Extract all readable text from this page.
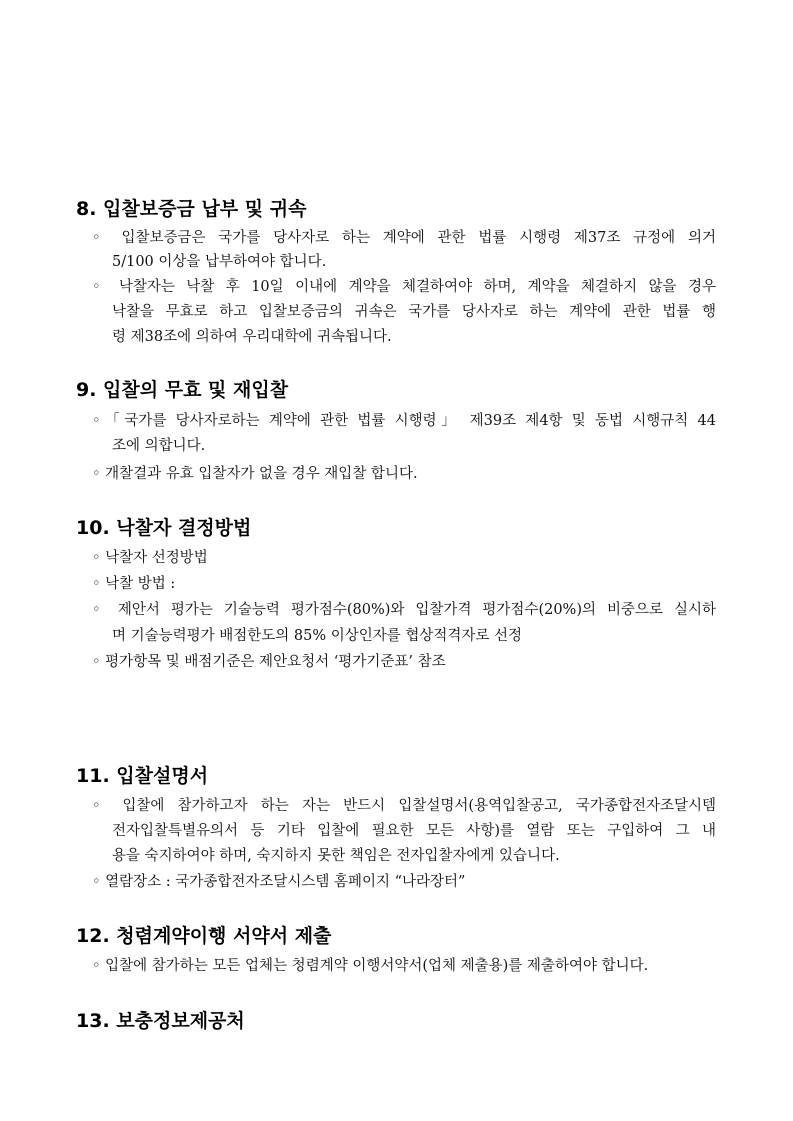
8. 입찰보증금 납부 및 귀속
◦ 입찰보증금은 국가를 당사자로 하는 계약에 관한 법률 시행령 제37조 규정에 의거
5/100 이상을 납부하여야 합니다.
◦ 낙찰자는 낙찰 후 10일 이내에 계약을 체결하여야 하며, 계약을 체결하지 않을 경우
낙찰을 무효로 하고 입찰보증금의 귀속은 국가를 당사자로 하는 계약에 관한 법률 행
령 제38조에 의하여 우리대학에 귀속됩니다.
9. 입찰의 무효 및 재입찰
◦「국가를 당사자로하는 계약에 관한 법률 시행령」 제39조 제4항 및 동법 시행규칙 44
조에 의합니다.
◦ 개찰결과 유효 입찰자가 없을 경우 재입찰 합니다.
10. 낙찰자 결정방법
◦ 낙찰자 선정방법
◦ 낙찰 방법 :
◦ 제안서 평가는 기술능력 평가점수(80%)와 입찰가격 평가점수(20%)의 비중으로 실시하
며 기술능력평가 배점한도의 85% 이상인자를 협상적격자로 선정
◦ 평가항목 및 배점기준은 제안요청서 ‘평가기준표’ 참조
11. 입찰설명서
◦ 입찰에 참가하고자 하는 자는 반드시 입찰설명서(용역입찰공고, 국가종합전자조달시템
전자입찰특별유의서 등 기타 입찰에 필요한 모든 사항)를 열람 또는 구입하여 그 내
용을 숙지하여야 하며, 숙지하지 못한 책임은 전자입찰자에게 있습니다.
◦ 열람장소 : 국가종합전자조달시스템 홈페이지 “나라장터”
12. 청렴계약이행 서약서 제출
◦ 입찰에 참가하는 모든 업체는 청렴계약 이행서약서(업체 제출용)를 제출하여야 합니다.
13. 보충정보제공처
